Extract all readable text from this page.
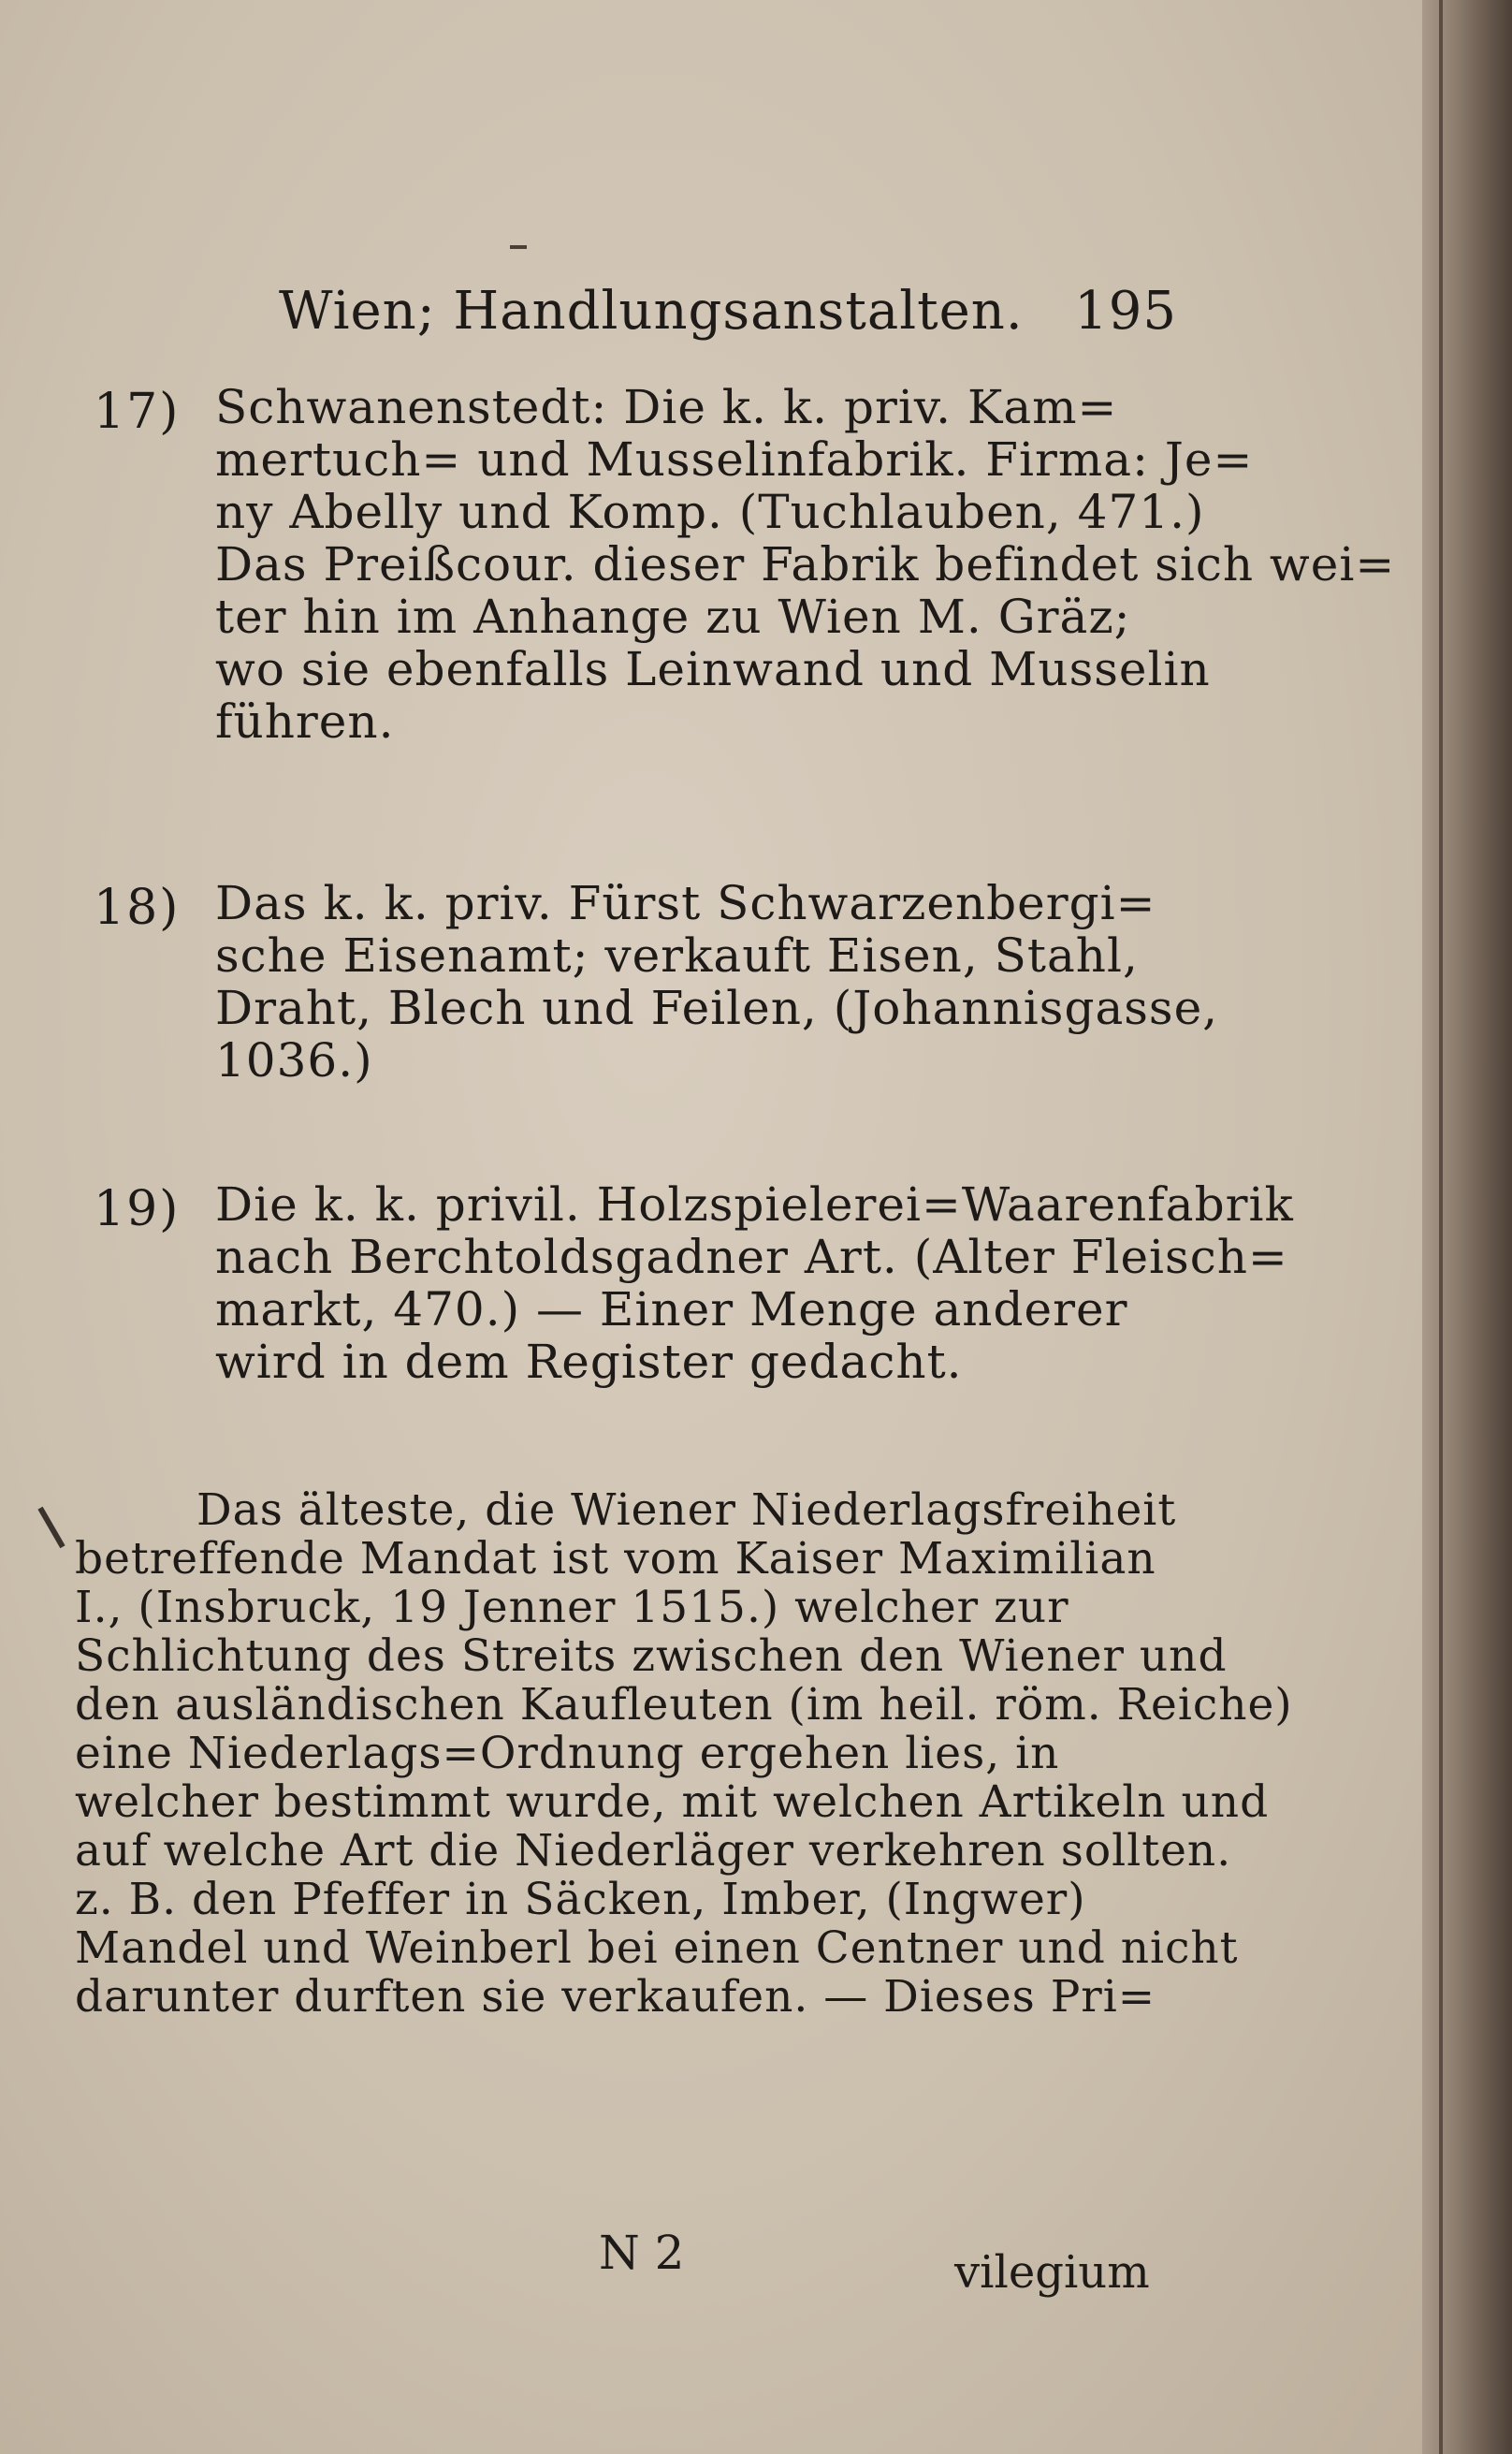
Wien; Handlungsanstalten. 195
17) Schwanenstedt: Die k. k. priv. Kam=
mertuch= und Musselinfabrik. Firma: Je=
ny Abelly und Komp. (Tuchlauben, 471.)
Das Preißcour. dieser Fabrik befindet sich wei=
ter hin im Anhange zu Wien M. Gräz;
wo sie ebenfalls Leinwand und Musselin
führen.
18) Das k. k. priv. Fürst Schwarzenbergi=
sche Eisenamt; verkauft Eisen, Stahl,
Draht, Blech und Feilen, (Johannisgasse,
1036.)
19) Die k. k. privil. Holzspielerei=Waarenfabrik
nach Berchtoldsgadner Art. (Alter Fleisch=
markt, 470.) — Einer Menge anderer
wird in dem Register gedacht.
Das älteste, die Wiener Niederlagsfreiheit
betreffende Mandat ist vom Kaiser Maximilian
I., (Insbruck, 19 Jenner 1515.) welcher zur
Schlichtung des Streits zwischen den Wiener und
den ausländischen Kaufleuten (im heil. röm. Reiche)
eine Niederlags=Ordnung ergehen lies, in
welcher bestimmt wurde, mit welchen Artikeln und
auf welche Art die Niederläger verkehren sollten.
z. B. den Pfeffer in Säcken, Imber, (Ingwer)
Mandel und Weinberl bei einen Centner und nicht
darunter durften sie verkaufen. — Dieses Pri=
N 2	vilegium
